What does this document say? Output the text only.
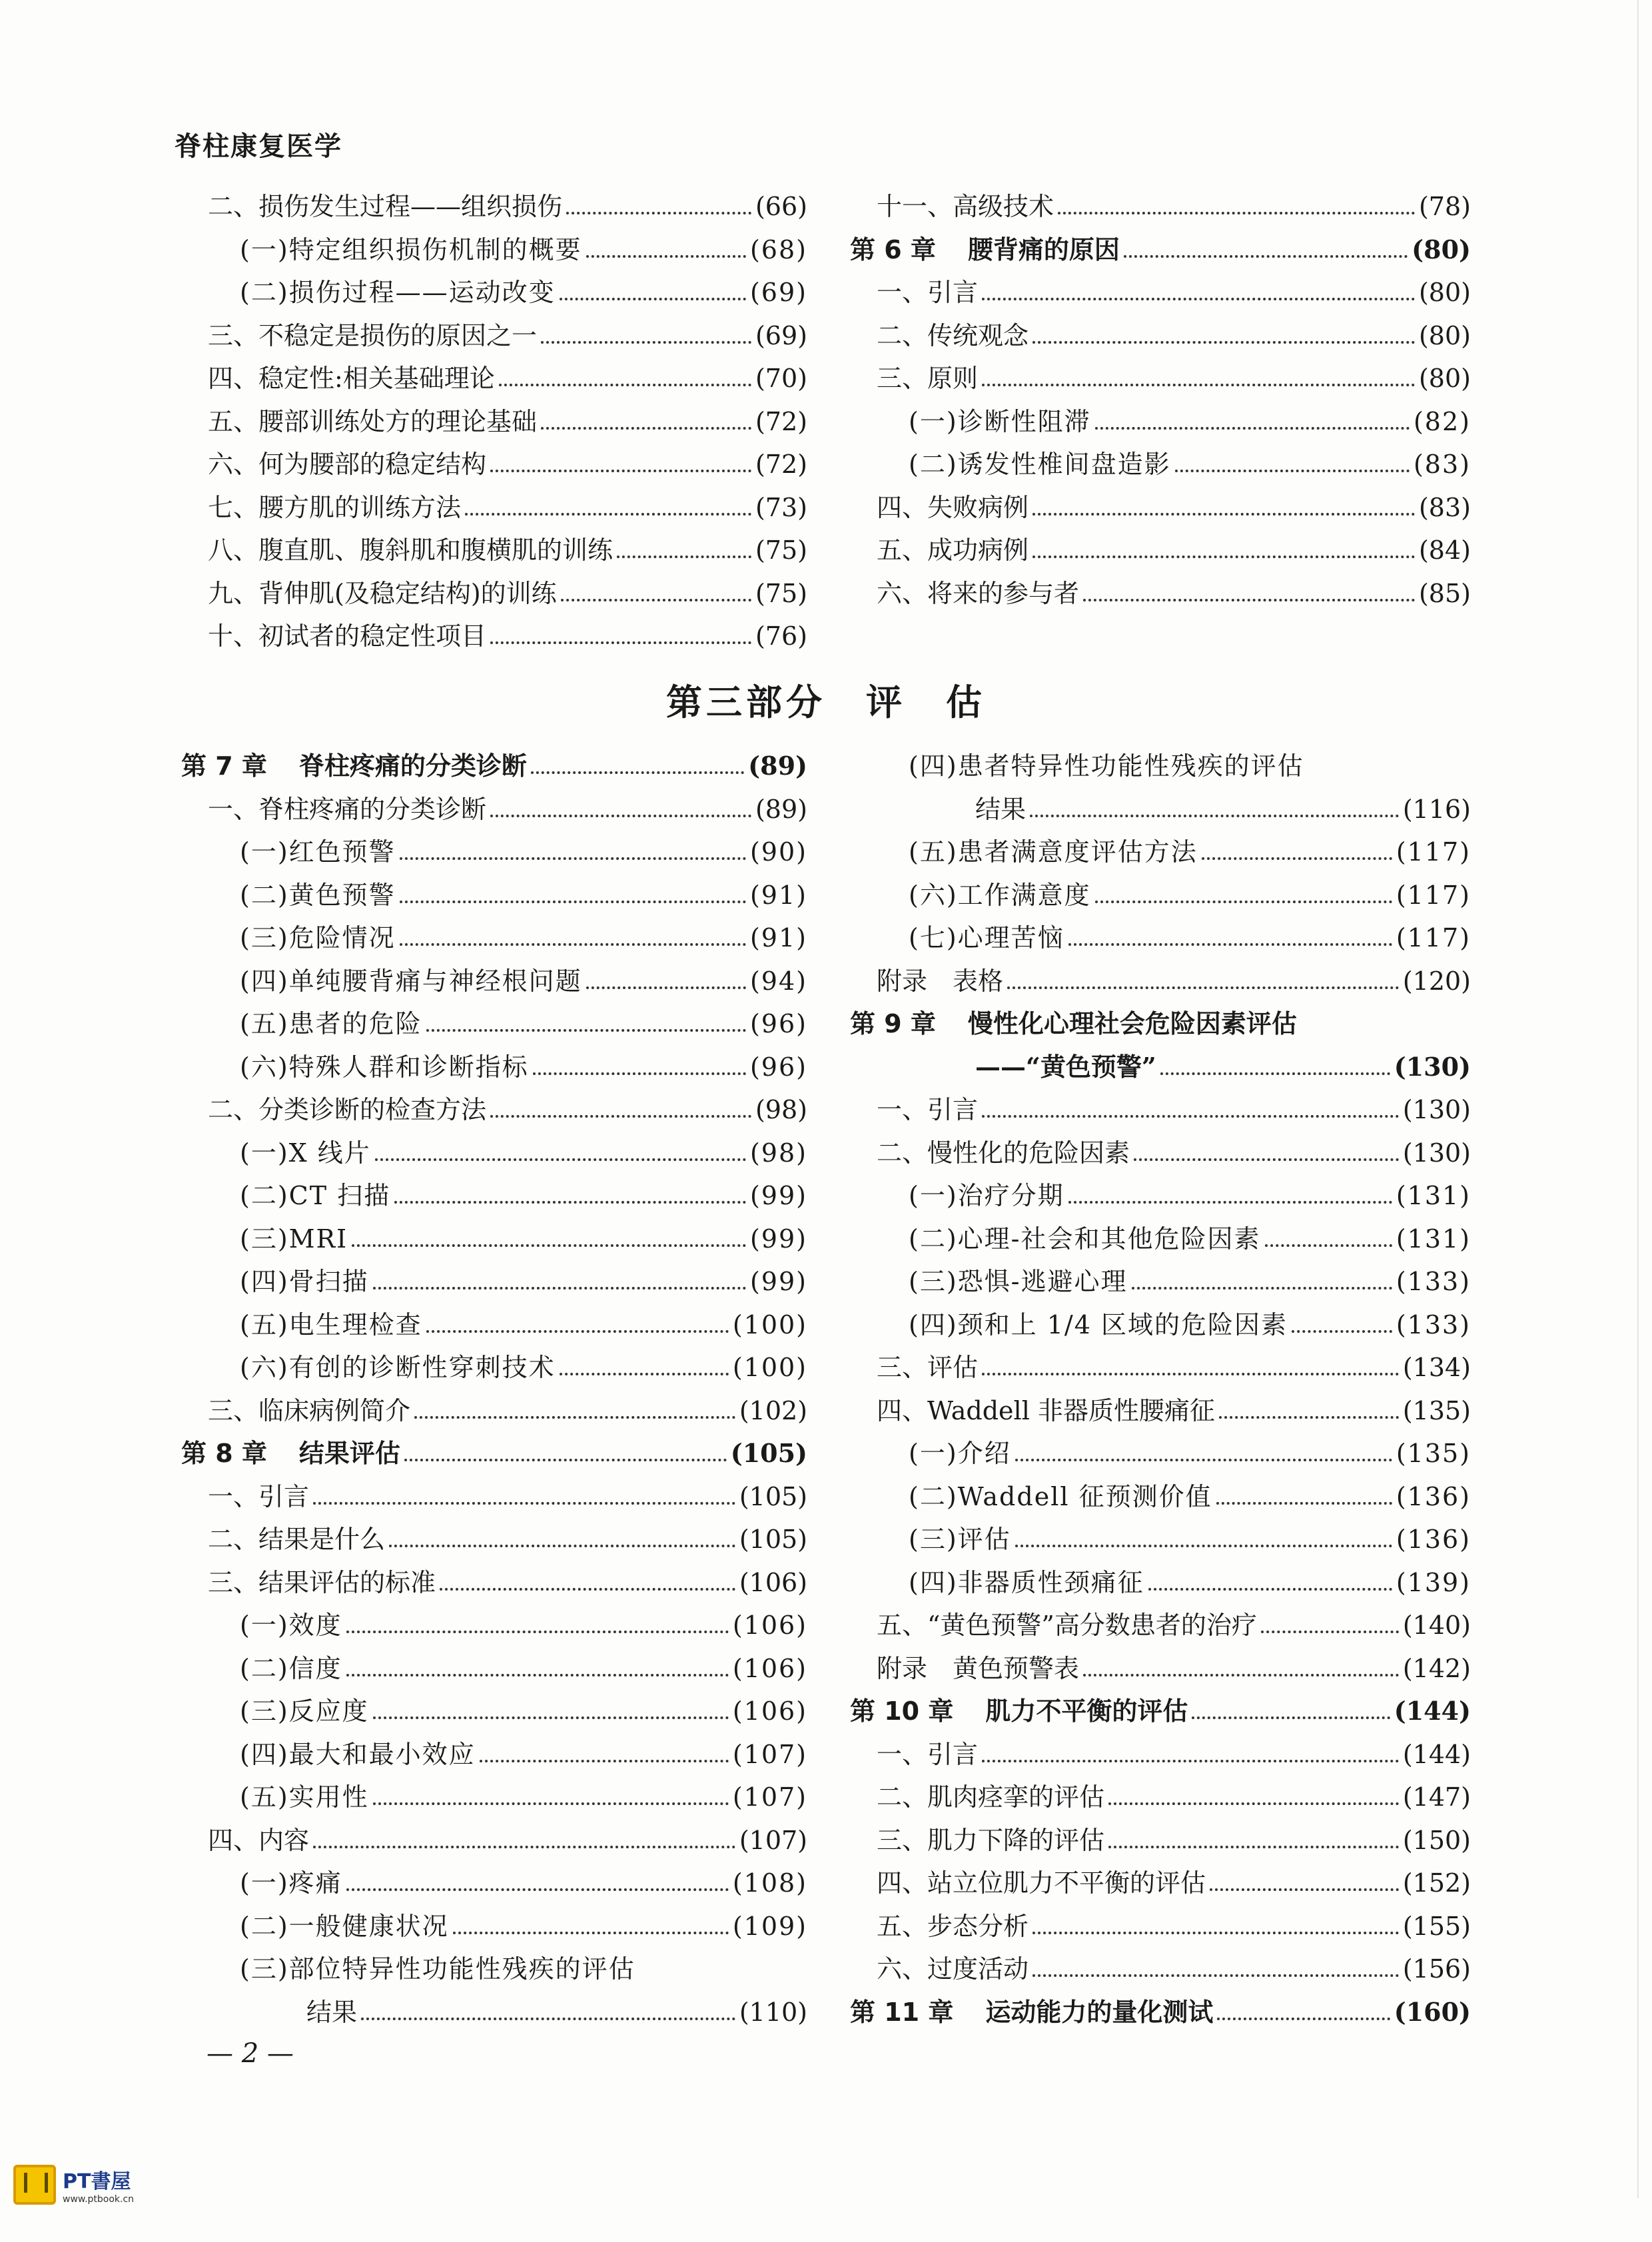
脊柱康复医学
二、损伤发生过程——组织损伤	(66)
(一)特定组织损伤机制的概要	(68)
(二)损伤过程——运动改变	(69)
三、不稳定是损伤的原因之一	(69)
四、稳定性:相关基础理论	(70)
五、腰部训练处方的理论基础	(72)
六、何为腰部的稳定结构	(72)
七、腰方肌的训练方法	(73)
八、腹直肌、腹斜肌和腹横肌的训练	(75)
九、背伸肌(及稳定结构)的训练	(75)
十、初试者的稳定性项目	(76)
十一、高级技术	(78)
第 6 章 腰背痛的原因	(80)
一、引言	(80)
二、传统观念	(80)
三、原则	(80)
(一)诊断性阻滞	(82)
(二)诱发性椎间盘造影	(83)
四、失败病例	(83)
五、成功病例	(84)
六、将来的参与者	(85)
第三部分 评　估
第 7 章 脊柱疼痛的分类诊断	(89)
一、脊柱疼痛的分类诊断	(89)
(一)红色预警	(90)
(二)黄色预警	(91)
(三)危险情况	(91)
(四)单纯腰背痛与神经根问题	(94)
(五)患者的危险	(96)
(六)特殊人群和诊断指标	(96)
二、分类诊断的检查方法	(98)
(一)X 线片	(98)
(二)CT 扫描	(99)
(三)MRI	(99)
(四)骨扫描	(99)
(五)电生理检查	(100)
(六)有创的诊断性穿刺技术	(100)
三、临床病例简介	(102)
第 8 章 结果评估	(105)
一、引言	(105)
二、结果是什么	(105)
三、结果评估的标准	(106)
(一)效度	(106)
(二)信度	(106)
(三)反应度	(106)
(四)最大和最小效应	(107)
(五)实用性	(107)
四、内容	(107)
(一)疼痛	(108)
(二)一般健康状况	(109)
(三)部位特异性功能性残疾的评估
结果	(110)
(四)患者特异性功能性残疾的评估
结果	(116)
(五)患者满意度评估方法	(117)
(六)工作满意度	(117)
(七)心理苦恼	(117)
附录　表格	(120)
第 9 章 慢性化心理社会危险因素评估
——“黄色预警”	(130)
一、引言	(130)
二、慢性化的危险因素	(130)
(一)治疗分期	(131)
(二)心理-社会和其他危险因素	(131)
(三)恐惧-逃避心理	(133)
(四)颈和上 1/4 区域的危险因素	(133)
三、评估	(134)
四、Waddell 非器质性腰痛征	(135)
(一)介绍	(135)
(二)Waddell 征预测价值	(136)
(三)评估	(136)
(四)非器质性颈痛征	(139)
五、“黄色预警”高分数患者的治疗	(140)
附录　黄色预警表	(142)
第 10 章 肌力不平衡的评估	(144)
一、引言	(144)
二、肌肉痉挛的评估	(147)
三、肌力下降的评估	(150)
四、站立位肌力不平衡的评估	(152)
五、步态分析	(155)
六、过度活动	(156)
第 11 章 运动能力的量化测试	(160)
— 2 —
PT書屋
www.ptbook.cn
